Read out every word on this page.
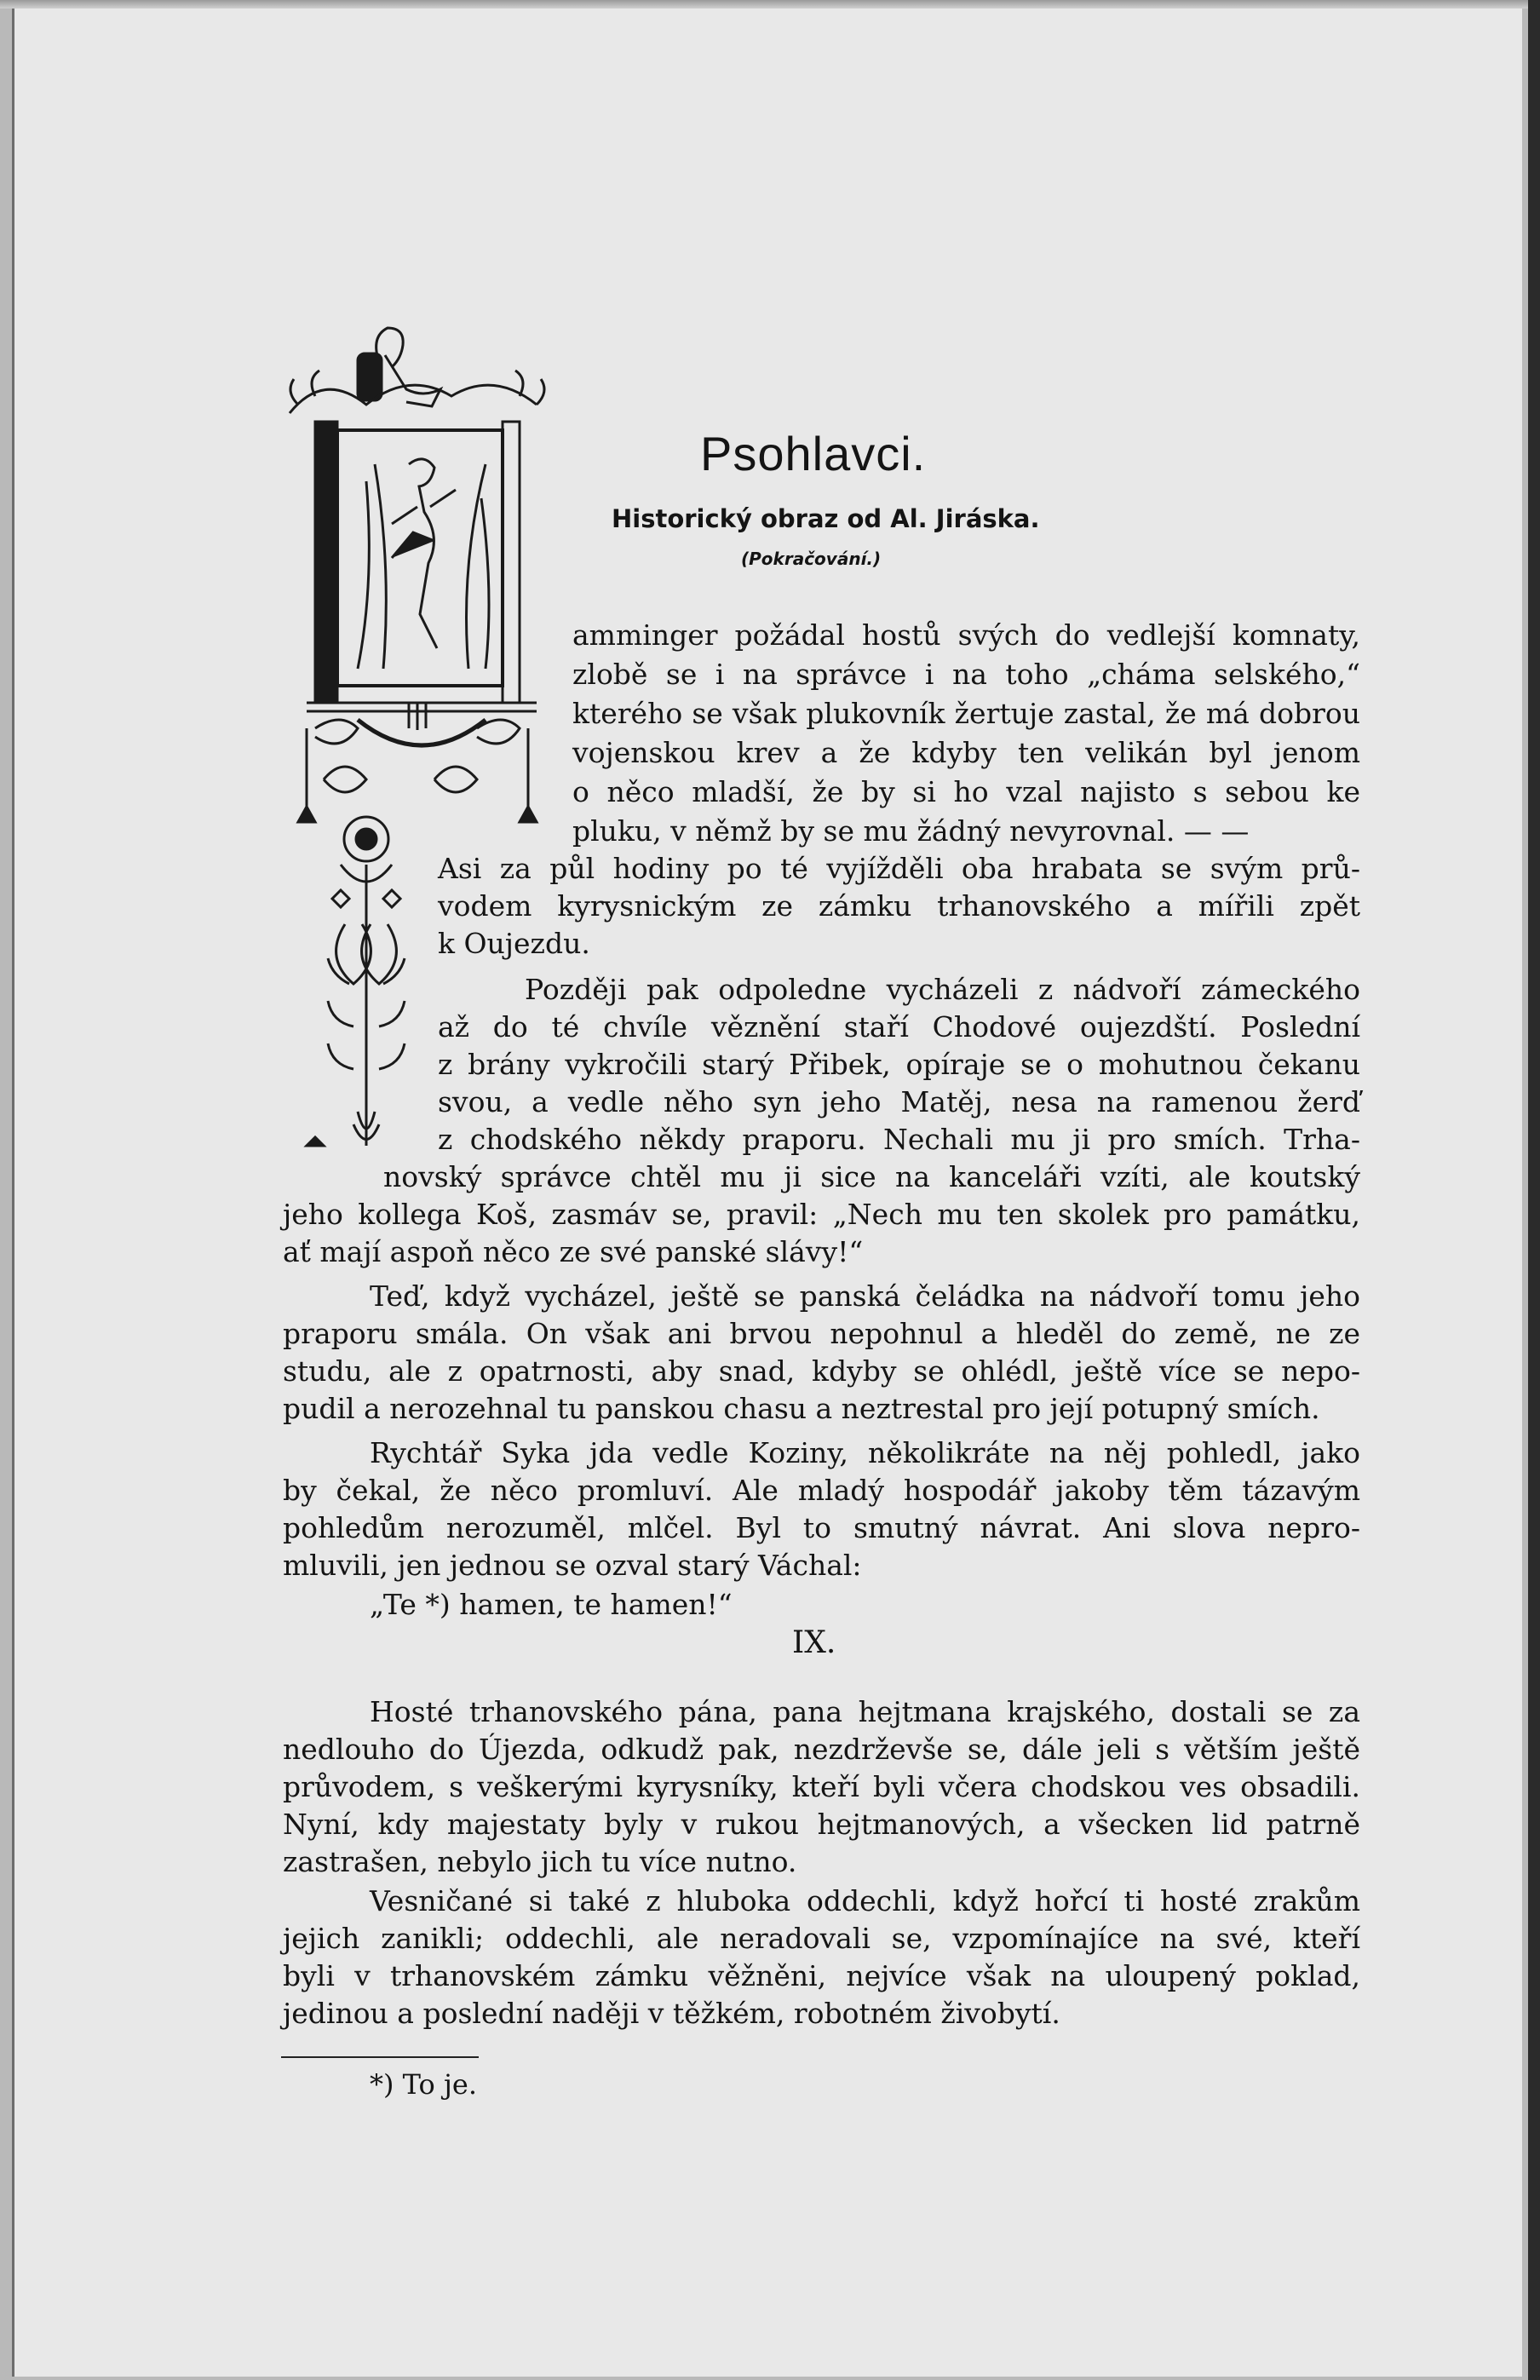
Psohlavci.
Historický obraz od Al. Jiráska.
(Pokračování.)
amminger požádal hostů svých do vedlejší komnaty,
zlobě se i na správce i na toho „cháma selského,“
kterého se však plukovník žertuje zastal, že má dobrou
vojenskou krev a že kdyby ten velikán byl jenom
o něco mladší, že by si ho vzal najisto s sebou ke
pluku, v němž by se mu žádný nevyrovnal. — —
Asi za půl hodiny po té vyjížděli oba hrabata se svým prů-
vodem kyrysnickým ze zámku trhanovského a mířili zpět
k Oujezdu.
Později pak odpoledne vycházeli z nádvoří zámeckého
až do té chvíle věznění staří Chodové oujezdští. Poslední
z brány vykročili starý Přibek, opíraje se o mohutnou čekanu
svou, a vedle něho syn jeho Matěj, nesa na ramenou žerď
z chodského někdy praporu. Nechali mu ji pro smích. Trha-
novský správce chtěl mu ji sice na kanceláři vzíti, ale koutský
jeho kollega Koš, zasmáv se, pravil: „Nech mu ten skolek pro památku,
ať mají aspoň něco ze své panské slávy!“
Teď, když vycházel, ještě se panská čeládka na nádvoří tomu jeho
praporu smála. On však ani brvou nepohnul a hleděl do země, ne ze
studu, ale z opatrnosti, aby snad, kdyby se ohlédl, ještě více se nepo-
pudil a nerozehnal tu panskou chasu a neztrestal pro její potupný smích.
Rychtář Syka jda vedle Koziny, několikráte na něj pohledl, jako
by čekal, že něco promluví. Ale mladý hospodář jakoby těm tázavým
pohledům nerozuměl, mlčel. Byl to smutný návrat. Ani slova nepro-
mluvili, jen jednou se ozval starý Váchal:
„Te *) hamen, te hamen!“
IX.
Hosté trhanovského pána, pana hejtmana krajského, dostali se za
nedlouho do Újezda, odkudž pak, nezdrževše se, dále jeli s větším ještě
průvodem, s veškerými kyrysníky, kteří byli včera chodskou ves obsadili.
Nyní, kdy majestaty byly v rukou hejtmanových, a všecken lid patrně
zastrašen, nebylo jich tu více nutno.
Vesničané si také z hluboka oddechli, když hořcí ti hosté zrakům
jejich zanikli; oddechli, ale neradovali se, vzpomínajíce na své, kteří
byli v trhanovském zámku věžněni, nejvíce však na uloupený poklad,
jedinou a poslední naději v těžkém, robotném živobytí.
*) To je.
